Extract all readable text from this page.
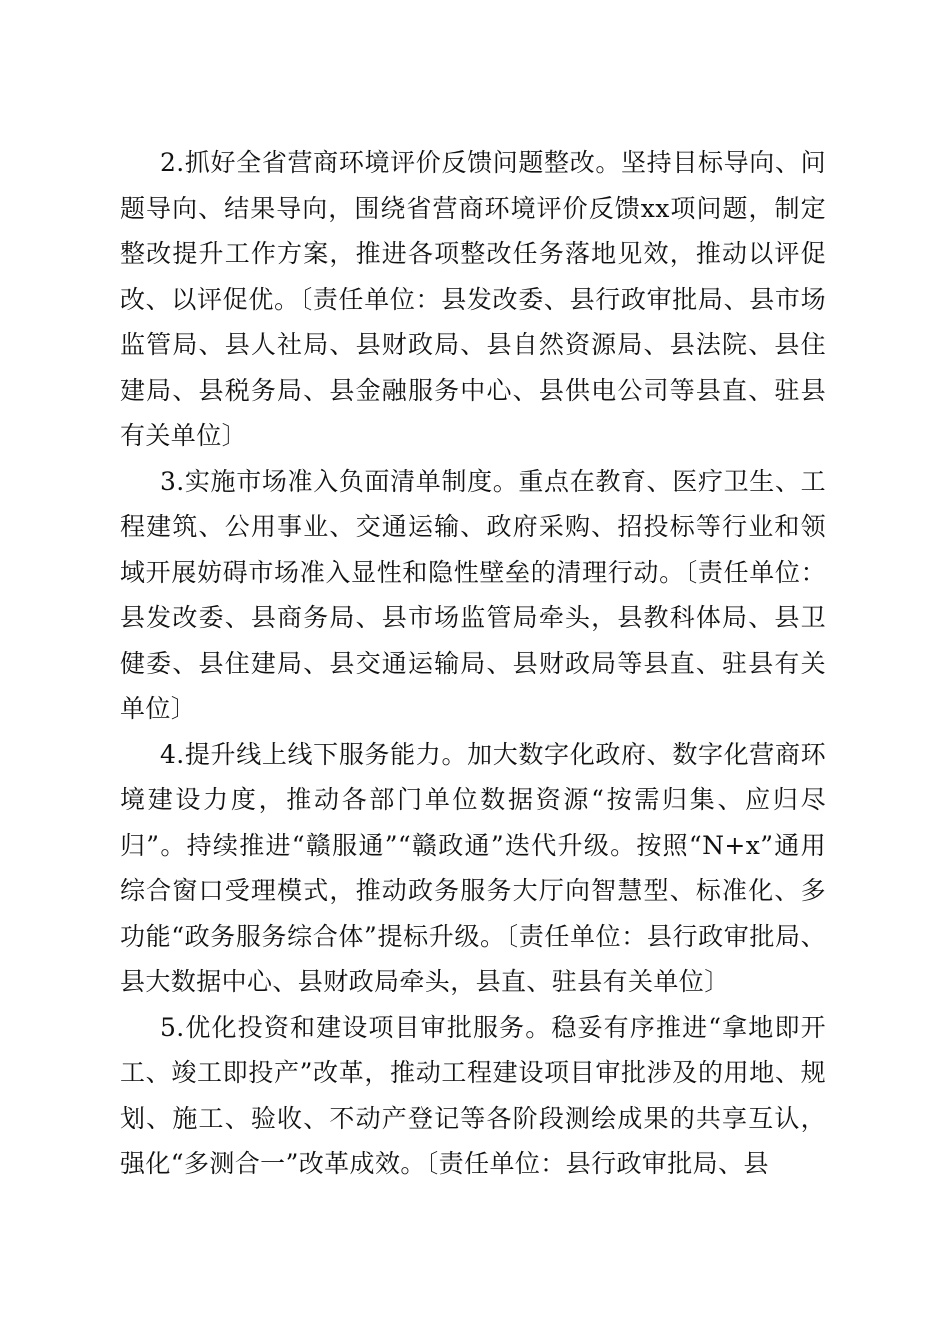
2.抓好全省营商环境评价反馈问题整改。坚持目标导向、问题导向、结果导向，围绕省营商环境评价反馈xx项问题，制定整改提升工作方案，推进各项整改任务落地见效，推动以评促改、以评促优。〔责任单位：县发改委、县行政审批局、县市场监管局、县人社局、县财政局、县自然资源局、县法院、县住建局、县税务局、县金融服务中心、县供电公司等县直、驻县有关单位〕

3.实施市场准入负面清单制度。重点在教育、医疗卫生、工程建筑、公用事业、交通运输、政府采购、招投标等行业和领域开展妨碍市场准入显性和隐性壁垒的清理行动。〔责任单位：县发改委、县商务局、县市场监管局牵头，县教科体局、县卫健委、县住建局、县交通运输局、县财政局等县直、驻县有关单位〕

4.提升线上线下服务能力。加大数字化政府、数字化营商环境建设力度，推动各部门单位数据资源“按需归集、应归尽归”。持续推进“赣服通”“赣政通”迭代升级。按照“N+x”通用综合窗口受理模式，推动政务服务大厅向智慧型、标准化、多功能“政务服务综合体”提标升级。〔责任单位：县行政审批局、县大数据中心、县财政局牵头，县直、驻县有关单位〕

5.优化投资和建设项目审批服务。稳妥有序推进“拿地即开工、竣工即投产”改革，推动工程建设项目审批涉及的用地、规划、施工、验收、不动产登记等各阶段测绘成果的共享互认，强化“多测合一”改革成效。〔责任单位：县行政审批局、县
